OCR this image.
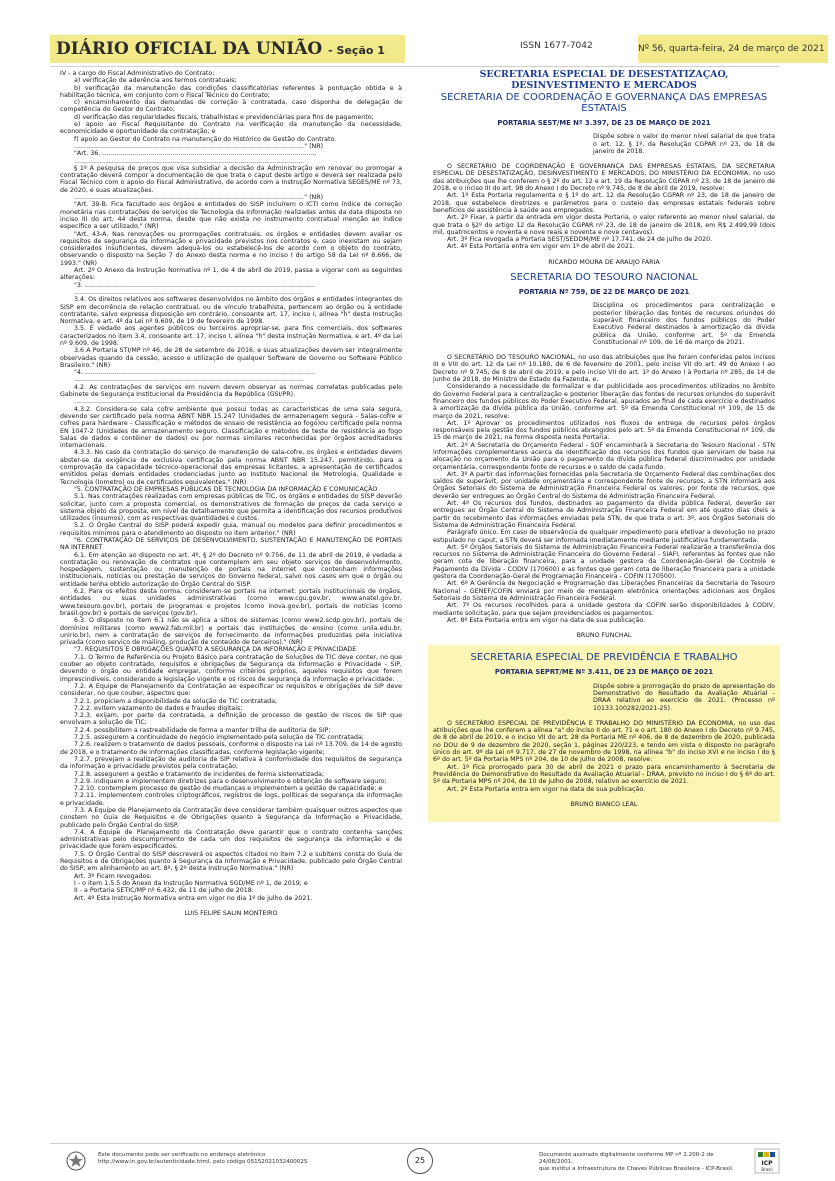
DIÁRIO OFICIAL DA UNIÃO - Seção 1	ISSN 1677-7042	Nº 56, quarta-feira, 24 de março de 2021

IV - a cargo do Fiscal Administrativo do Contrato:

a) verificação de aderência aos termos contratuais;

b) verificação da manutenção das condições classificatórias referentes à pontuação obtida e à habilitação técnica, em conjunto com o Fiscal Técnico do Contrato;

c) encaminhamento das demandas de correção à contratada, caso disponha de delegação de competência do Gestor do Contrato;

d) verificação das regularidades fiscais, trabalhistas e previdenciárias para fins de pagamento;

e) apoio ao Fiscal Requisitante do Contrato na verificação da manutenção da necessidade, economicidade e oportunidade da contratação; e

f) apoio ao Gestor do Contrato na manutenção do Histórico de Gestão do Contrato.

..................................................................................................................." (NR)

"Art. 36. ...........................................................................................................

...................................................................................................................

§ 1º A pesquisa de preços que visa subsidiar a decisão da Administração em renovar ou prorrogar a contratação deverá compor a documentação de que trata o caput deste artigo e deverá ser realizada pelo Fiscal Técnico com o apoio do Fiscal Administrativo, de acordo com a Instrução Normativa SEGES/ME nº 73, de 2020, e suas atualizações.

..................................................................................................................." (NR)

"Art. 39-B. Fica facultado aos órgãos e entidades do SISP incluírem o ICTI como índice de correção monetária nas contratações de serviços de Tecnologia da Informação realizadas antes da data disposta no inciso III do art. 44 desta norma, desde que não exista no instrumento contratual menção ao índice específico a ser utilizado." (NR)

"Art. 43-A. Nas renovações ou prorrogações contratuais, os órgãos e entidades devem avaliar os requisitos de segurança da informação e privacidade previstos nos contratos e, caso inexistam ou sejam considerados insuficientes, devem adequá-los ou estabelecê-los de acordo com o objeto do contrato, observando o disposto na Seção 7 do Anexo desta norma e no inciso I do artigo 58 da Lei nº 8.666, de 1993." (NR)

Art. 2º O Anexo da Instrução Normativa nº 1, de 4 de abril de 2019, passa a vigorar com as seguintes alterações:

"3. ...................................................................................................................

...................................................................................................................

3.4. Os direitos relativos aos softwares desenvolvidos no âmbito dos órgãos e entidades integrantes do SISP em decorrência de relação contratual, ou de vínculo trabalhista, pertencem ao órgão ou à entidade contratante, salvo expressa disposição em contrário, consoante art. 17, inciso I, alínea "h" desta Instrução Normativa, e art. 4º da Lei nº 9.609, de 19 de fevereiro de 1998.

3.5. É vedado aos agentes públicos ou terceiros apropriar-se, para fins comerciais, dos softwares caracterizados no item 3.4, consoante art. 17, inciso I, alínea "h" desta Instrução Normativa, e art. 4º da Lei nº 9.609, de 1998.

3.6 A Portaria STI/MP nº 46, de 28 de setembro de 2016, e suas atualizações devem ser integralmente observadas quando da cessão, acesso e utilização de qualquer Software de Governo ou Software Público Brasileiro." (NR)

"4. ...................................................................................................................

...................................................................................................................

4.2. As contratações de serviços em nuvem devem observar as normas correlatas publicadas pelo Gabinete de Segurança Institucional da Presidência da República (GSI/PR).

...................................................................................................................

4.3.2. Considera-se sala cofre ambiente que possui todas as características de uma sala segura, devendo ser certificado pela norma ABNT NBR 15.247 (Unidades de armazenagem segura - Salas-cofre e cofres para hardware - Classificação e métodos de ensaio de resistência ao fogo)ou certificado pela norma EN 1047-2 (Unidades de armazenamento seguro. Classificação e métodos de teste de resistência ao fogo Salas de dados e contêiner de dados) ou por normas similares reconhecidas por órgãos acreditadores internacionais.

4.3.3. No caso da contratação do serviço de manutenção de sala-cofre, os órgãos e entidades devem abster-se da exigência de exclusiva certificação pela norma ABNT NBR 15.247, permitindo, para a comprovação da capacidade técnico-operacional das empresas licitantes, a apresentação de certificados emitidos pelas demais entidades credenciadas junto ao Instituto Nacional de Metrologia, Qualidade e Tecnologia (Inmetro) ou de certificados equivalentes." (NR)

"5. CONTRATAÇÃO DE EMPRESAS PÚBLICAS DE TECNOLOGIA DA INFORMAÇÃO E COMUNICAÇÃO

5.1. Nas contratações realizadas com empresas públicas de TIC, os órgãos e entidades do SISP deverão solicitar, junto com a proposta comercial, os demonstrativos de formação de preços de cada serviço e sistema objeto da proposta, em nível de detalhamento que permita a identificação dos recursos produtivos utilizados (insumos), com as respectivas quantidades e custos.

5.2. O Órgão Central do SISP poderá expedir guia, manual ou modelos para definir procedimentos e requisitos mínimos para o atendimento ao disposto no item anterior." (NR)

"6. CONTRATAÇÃO DE SERVIÇOS DE DESENVOLVIMENTO, SUSTENTAÇÃO E MANUTENÇÃO DE PORTAIS NA INTERNET

6.1. Em atenção ao disposto no art. 4º, § 2º do Decreto nº 9.756, de 11 de abril de 2019, é vedada a contratação ou renovação de contratos que contemplem em seu objeto serviços de desenvolvimento, hospedagem, sustentação ou manutenção de portais na internet que contenham informações institucionais, notícias ou prestação de serviços do Governo federal, salvo nos casos em que o órgão ou entidade tenha obtido autorização do Órgão Central do SISP.

6.2. Para os efeitos desta norma, consideram-se portais na internet: portais institucionais de órgãos, entidades ou suas unidades administrativas (como www.cgu.gov.br, www.anatel.gov.br, www.tesouro.gov.br), portais de programas e projetos (como inova.gov.br), portais de notícias (como brasil.gov.br) e portais de serviços (gov.br).

6.3. O disposto no item 6.1 não se aplica a sítios de sistemas (como www2.scdp.gov.br), portais de domínios militares (como www2.fab.mil.br) e portais das instituições de ensino (como unila.edu.br, unirio.br), nem a contratação de serviços de fornecimento de informações produzidas pela iniciativa privada (como serviço de mailing, produção de conteúdo de terceiros)." (NR)

"7. REQUISITOS E OBRIGAÇÕES QUANTO A SEGURANÇA DA INFORMAÇÃO E PRIVACIDADE

7.1. O Termo de Referência ou Projeto Básico para contratação de Soluções de TIC deve conter, no que couber ao objeto contratado, requisitos e obrigações de Segurança da Informação e Privacidade - SIP, devendo o órgão ou entidade empregar, conforme critérios próprios, aqueles requisitos que forem imprescindíveis, considerando a legislação vigente e os riscos de segurança da informação e privacidade.

7.2. A Equipe de Planejamento da Contratação ao especificar os requisitos e obrigações de SIP deve considerar, no que couber, aspectos que:

7.2.1. propiciem a disponibilidade da solução de TIC contratada;

7.2.2. evitem vazamento de dados e fraudes digitais;

7.2.3. exijam, por parte da contratada, a definição de processo de gestão de riscos de SIP que envolvam a solução de TIC;

7.2.4. possibilitem a rastreabilidade de forma a manter trilha de auditoria de SIP;

7.2.5. assegurem a continuidade do negócio implementado pela solução de TIC contratada;

7.2.6. realizem o tratamento de dados pessoais, conforme o disposto na Lei nº 13.709, de 14 de agosto de 2018, e o tratamento de informações classificadas, conforme legislação vigente;

7.2.7. prevejam a realização de auditoria de SIP relativa à conformidade dos requisitos de segurança da informação e privacidade previstos pela contratação;

7.2.8. assegurem a gestão e tratamento de incidentes de forma sistematizada;

7.2.9. indiquem e implementem diretrizes para o desenvolvimento e obtenção de software seguro;

7.2.10. contemplem processo de gestão de mudanças e implementem a gestão de capacidade; e

7.2.11. implementem controles criptográficos, registros de logs, políticas de segurança da informação e privacidade.

7.3. A Equipe de Planejamento da Contratação deve considerar também quaisquer outros aspectos que constem no Guia de Requisitos e de Obrigações quanto à Segurança da Informação e Privacidade, publicado pelo Órgão Central do SISP.

7.4. A Equipe de Planejamento da Contratação deve garantir que o contrato contenha sanções administrativas pelo descumprimento de cada um dos requisitos de segurança da informação e de privacidade que forem especificados.

7.5. O Órgão Central do SISP descreverá os aspectos citados no item 7.2 e subitens consta do Guia de Requisitos e de Obrigações quanto à Segurança da Informação e Privacidade, publicado pelo Órgão Central do SISP, em alinhamento ao art. 8º, § 2º desta Instrução Normativa." (NR)

Art. 3º Ficam revogados:

I - o item 1.5.5 do Anexo da Instrução Normativa SGD/ME nº 1, de 2019; e

II - a Portaria SETIC/MP nº 6.432, de 11 de julho de 2018.

Art. 4º Esta Instrução Normativa entra em vigor no dia 1º de julho de 2021.

LUIS FELIPE SALIN MONTEIRO
SECRETARIA ESPECIAL DE DESESTATIZAÇÃO, DESINVESTIMENTO E MERCADOS
SECRETARIA DE COORDENAÇÃO E GOVERNANÇA DAS EMPRESAS ESTATAIS
PORTARIA SEST/ME Nº 3.397, DE 23 DE MARÇO DE 2021
Dispõe sobre o valor do menor nível salarial de que trata o art. 12, § 1º, da Resolução CGPAR nº 23, de 18 de janeiro de 2018.

O SECRETÁRIO DE COORDENAÇÃO E GOVERNANÇA DAS EMPRESAS ESTATAIS, DA SECRETARIA ESPECIAL DE DESESTATIZAÇÃO, DESINVESTIMENTO E MERCADOS, DO MINISTÉRIO DA ECONOMIA, no uso das atribuições que lhe conferem o § 2º do art. 12 e art. 19 da Resolução CGPAR nº 23, de 18 de janeiro de 2018, e o inciso III do art. 98 do Anexo I do Decreto nº 9.745, de 8 de abril de 2019, resolve:

Art. 1º Esta Portaria regulamenta o § 1º do art. 12 da Resolução CGPAR nº 23, de 18 de janeiro de 2018, que estabelece diretrizes e parâmetros para o custeio das empresas estatais federais sobre benefícios de assistência à saúde aos empregados.

Art. 2º Fixar, a partir da entrada em vigor desta Portaria, o valor referente ao menor nível salarial, de que trata o §2º do artigo 12 da Resolução CGPAR nº 23, de 18 de janeiro de 2018, em R$ 2.499,99 (dois mil, quatrocentos e noventa e nove reais e noventa e nove centavos).

Art. 3º Fica revogada a Portaria SEST/SEDDM/ME nº 17.741, de 24 de julho de 2020.

Art. 4º Esta Portaria entra em vigor em 1º de abril de 2021.

RICARDO MOURA DE ARAUJO FARIA
SECRETARIA DO TESOURO NACIONAL
PORTARIA Nº 759, DE 22 DE MARÇO DE 2021
Disciplina os procedimentos para centralização e posterior liberação das fontes de recursos oriundos do superávit financeiro dos fundos públicos do Poder Executivo Federal destinados à amortização da dívida pública da União, conforme art. 5º da Emenda Constitucional nº 109, de 16 de março de 2021.

O SECRETÁRIO DO TESOURO NACIONAL, no uso das atribuições que lhe foram conferidas pelos incisos III e VIII do art. 12 da Lei nº 10.180, de 6 de fevereiro de 2001, pelo inciso VII do art. 49 do Anexo I ao Decreto nº 9.745, de 8 de abril de 2019, e pelo inciso VII do art. 1º do Anexo I à Portaria nº 285, de 14 de junho de 2018, do Ministro de Estado da Fazenda, e,

Considerando a necessidade de formalizar e dar publicidade aos procedimentos utilizados no âmbito do Governo Federal para a centralização e posterior liberação das fontes de recursos oriundos do superávit financeiro dos fundos públicos do Poder Executivo Federal, apurados ao final de cada exercício e destinados à amortização da dívida pública da União, conforme art. 5º da Emenda Constitucional nº 109, de 15 de março de 2021, resolve:

Art. 1º Aprovar os procedimentos utilizados nos fluxos de entrega de recursos pelos órgãos responsáveis pela gestão dos fundos públicos abrangidos pelo art. 5º da Emenda Constitucional nº 109, de 15 de março de 2021, na forma disposta nesta Portaria.

Art. 2º A Secretaria de Orçamento Federal - SOF encaminhará à Secretaria do Tesouro Nacional - STN informações complementares acerca da identificação dos recursos dos fundos que serviram de base na alocação no orçamento da União para o pagamento da dívida pública federal discriminados por unidade orçamentária, correspondente fonte de recursos e o saldo de cada fundo.

Art. 3º A partir das informações fornecidas pela Secretaria de Orçamento Federal das combinações dos saldos de superávit, por unidade orçamentária e correspondente fonte de recursos, a STN informará aos Órgãos Setoriais do Sistema de Administração Financeira Federal os valores, por fonte de recursos, que deverão ser entregues ao Órgão Central do Sistema de Administração Financeira Federal.

Art. 4º Os recursos dos fundos, destinados ao pagamento da dívida pública federal, deverão ser entregues ao Órgão Central do Sistema de Administração Financeira Federal em até quatro dias úteis a partir do recebimento das informações enviadas pela STN, de que trata o art. 3º, aos Órgãos Setoriais do Sistema de Administração Financeira Federal.

Parágrafo único. Em caso de observância de qualquer impedimento para efetivar a devolução no prazo estipulado no caput, a STN deverá ser informada imediatamente mediante justificativa fundamentada.

Art. 5º Órgãos Setoriais do Sistema de Administração Financeira Federal realizarão a transferência dos recursos no Sistema de Administração Financeira do Governo Federal - SIAFI, referentes às fontes que não geram cota de liberação financeira, para a unidade gestora da Coordenação-Geral de Controle e Pagamento da Dívida - CODIV (170600) e as fontes que geram cota de liberação financeira para a unidade gestora da Coordenação-Geral de Programação Financeira - COFIN (170500).

Art. 6º A Gerência de Negociação e Programação das Liberações Financeiras da Secretaria do Tesouro Nacional - GENEF/COFIN enviará por meio de mensagem eletrônica orientações adicionais aos Órgãos Setoriais do Sistema de Administração Financeira Federal.

Art. 7º Os recursos recolhidos para a unidade gestora da COFIN serão disponibilizados à CODIV, mediante solicitação, para que sejam providenciados os pagamentos.

Art. 8º Esta Portaria entra em vigor na data de sua publicação.

BRUNO FUNCHAL
SECRETARIA ESPECIAL DE PREVIDÊNCIA E TRABALHO
PORTARIA SEPRT/ME Nº 3.411, DE 23 DE MARÇO DE 2021
Dispõe sobre a prorrogação do prazo de apresentação do Demonstrativo do Resultado da Avaliação Atuarial - DRAA relativo ao exercício de 2021. (Processo nº 10133.100282/2021-25).

O SECRETÁRIO ESPECIAL DE PREVIDÊNCIA E TRABALHO DO MINISTÉRIO DA ECONOMIA, no uso das atribuições que lhe conferem a alínea "a" do inciso II do art. 71 e o art. 180 do Anexo I do Decreto nº 9.745, de 8 de abril de 2019, e o inciso VII do art. 28 da Portaria ME nº 406, de 8 de dezembro de 2020, publicada no DOU de 9 de dezembro de 2020, seção 1, páginas 220/223, e tendo em vista o disposto no parágrafo único do art. 9º da Lei nº 9.717, de 27 de novembro de 1998, na alínea "b" do inciso XVI e no inciso I do § 6º do art. 5º da Portaria MPS nº 204, de 10 de julho de 2008, resolve:

Art. 1º Fica prorrogado para 30 de abril de 2021 o prazo para encaminhamento à Secretaria de Previdência do Demonstrativo do Resultado da Avaliação Atuarial - DRAA, previsto no inciso I do § 6º do art. 5º da Portaria MPS nº 204, de 10 de julho de 2008, relativo ao exercício de 2021.

Art. 2º Esta Portaria entra em vigor na data de sua publicação.

BRUNO BIANCO LEAL
Este documento pode ser verificado no endereço eletrônico
http://www.in.gov.br/autenticidade.html, pelo código 05152021032400025	25
Documento assinado digitalmente conforme MP nº 2.200-2 de 24/08/2001,
que institui a Infraestrutura de Chaves Públicas Brasileira - ICP-Brasil.
ICP
Brasil
